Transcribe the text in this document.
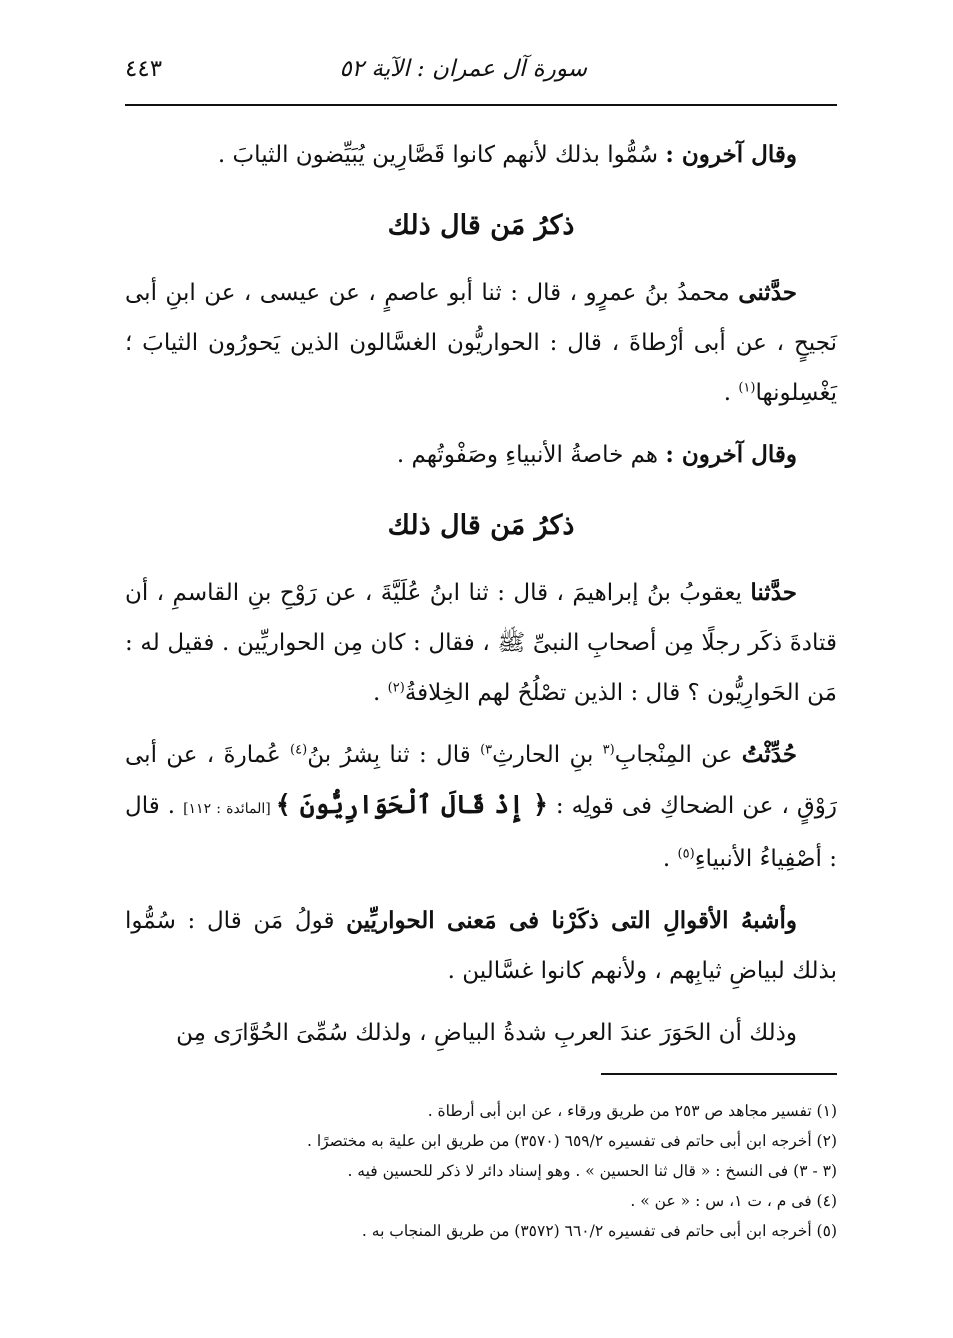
سورة آل عمران : الآية ٥٢
٤٤٣

وقال آخرون : سُمُّوا بذلك لأنهم كانوا قَصَّارِين يُبَيِّضون الثيابَ .

ذكرُ مَن قال ذلك

حدَّثنى محمدُ بنُ عمرٍو ، قال : ثنا أبو عاصمٍ ، عن عيسى ، عن ابنِ أبى نَجيحٍ ، عن أبى أرْطاةَ ، قال : الحواريُّون الغسَّالون الذين يَحورُون الثيابَ ؛ يَغْسِلونها$^{(١)}$ .

وقال آخرون : هم خاصةُ الأنبياءِ وصَفْوتُهم .

ذكرُ مَن قال ذلك

حدَّثنا يعقوبُ بنُ إبراهيمَ ، قال : ثنا ابنُ عُلَيَّةَ ، عن رَوْحِ بنِ القاسمِ ، أن قتادةَ ذكَر رجلًا مِن أصحابِ النبىِّ ﷺ ، فقال : كان مِن الحواريِّين . فقيل له : مَن الحَوارِيُّون ؟ قال : الذين تصْلُحُ لهم الخِلافةُ$^{(٢)}$ .

حُدِّثْتُ عن المِنْجابِ$^{(٣}$ بنِ الحارثِ$^{٣)}$ قال : ثنا بِشرُ بنُ$^{(٤)}$ عُمارةَ ، عن أبى رَوْقٍ ، عن الضحاكِ فى قولِه : ﴿ إِذْ قَالَ ٱلْحَوَارِيُّونَ ﴾ [المائدة : ١١٢] . قال : أصْفِياءُ الأنبياءِ$^{(٥)}$ .

وأشبهُ الأقوالِ التى ذكَرْنا فى مَعنى الحواريِّين قولُ مَن قال : سُمُّوا بذلك لبياضِ ثيابِهم ، ولأنهم كانوا غسَّالين .

وذلك أن الحَوَرَ عندَ العربِ شدةُ البياضِ ، ولذلك سُمِّىَ الحُوَّارَى مِن

(١) تفسير مجاهد ص ٢٥٣ من طريق ورقاء ، عن ابن أبى أرطاة .

(٢) أخرجه ابن أبى حاتم فى تفسيره ٦٥٩/٢ (٣٥٧٠) من طريق ابن علية به مختصرًا .

(٣ - ٣) فى النسخ : « قال ثنا الحسين » . وهو إسناد دائر لا ذكر للحسين فيه .

(٤) فى م ، ت ١، س : « عن » .

(٥) أخرجه ابن أبى حاتم فى تفسيره ٦٦٠/٢ (٣٥٧٢) من طريق المنجاب به .
